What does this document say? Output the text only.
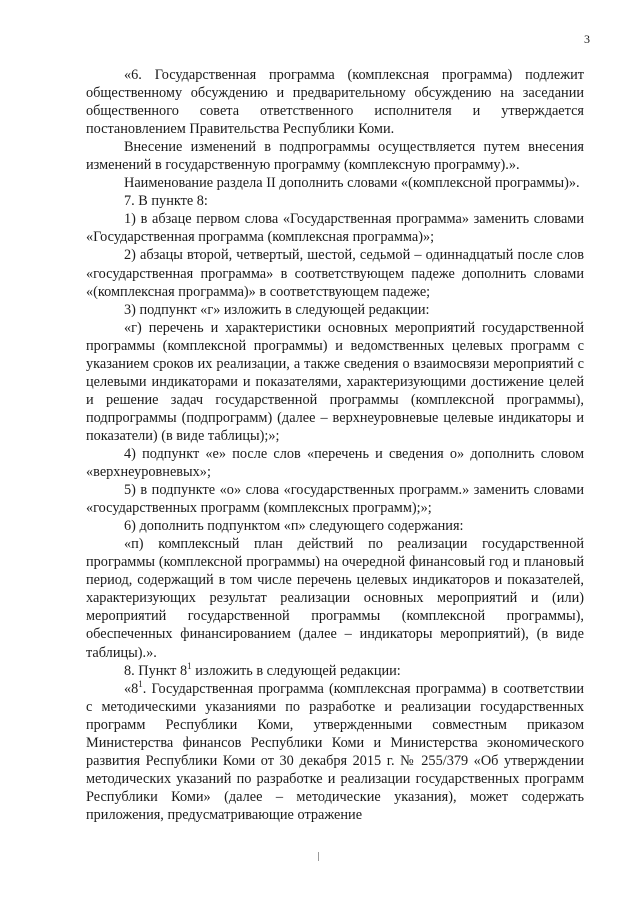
3

«6. Государственная программа (комплексная программа) подлежит общественному обсуждению и предварительному обсуждению на заседании общественного совета ответственного исполнителя и утверждается постановлением Правительства Республики Коми.

Внесение изменений в подпрограммы осуществляется путем внесения изменений в государственную программу (комплексную программу).».

Наименование раздела II дополнить словами «(комплексной программы)».

7. В пункте 8:

1) в абзаце первом слова «Государственная программа» заменить словами «Государственная программа (комплексная программа)»;

2) абзацы второй, четвертый, шестой, седьмой – одиннадцатый после слов «государственная программа» в соответствующем падеже дополнить словами «(комплексная программа)» в соответствующем падеже;

3) подпункт «г» изложить в следующей редакции:

«г) перечень и характеристики основных мероприятий государственной программы (комплексной программы) и ведомственных целевых программ с указанием сроков их реализации, а также сведения о взаимосвязи мероприятий с целевыми индикаторами и показателями, характеризующими достижение целей и решение задач государственной программы (комплексной программы), подпрограммы (подпрограмм) (далее – верхнеуровневые целевые индикаторы и показатели) (в виде таблицы);»;

4) подпункт «е» после слов «перечень и сведения о» дополнить словом «верхнеуровневых»;

5) в подпункте «о» слова «государственных программ.» заменить словами «государственных программ (комплексных программ);»;

6) дополнить подпунктом «п» следующего содержания:

«п) комплексный план действий по реализации государственной программы (комплексной программы) на очередной финансовый год и плановый период, содержащий в том числе перечень целевых индикаторов и показателей, характеризующих результат реализации основных мероприятий и (или) мероприятий государственной программы (комплексной программы), обеспеченных финансированием (далее – индикаторы мероприятий), (в виде таблицы).».

8. Пункт $8^1$ изложить в следующей редакции:

«$8^1$. Государственная программа (комплексная программа) в соответствии с методическими указаниями по разработке и реализации государственных программ Республики Коми, утвержденными совместным приказом Министерства финансов Республики Коми и Министерства экономического развития Республики Коми от 30 декабря 2015 г. № 255/379 «Об утверждении методических указаний по разработке и реализации государственных программ Республики Коми» (далее – методические указания), может содержать приложения, предусматривающие отражение
